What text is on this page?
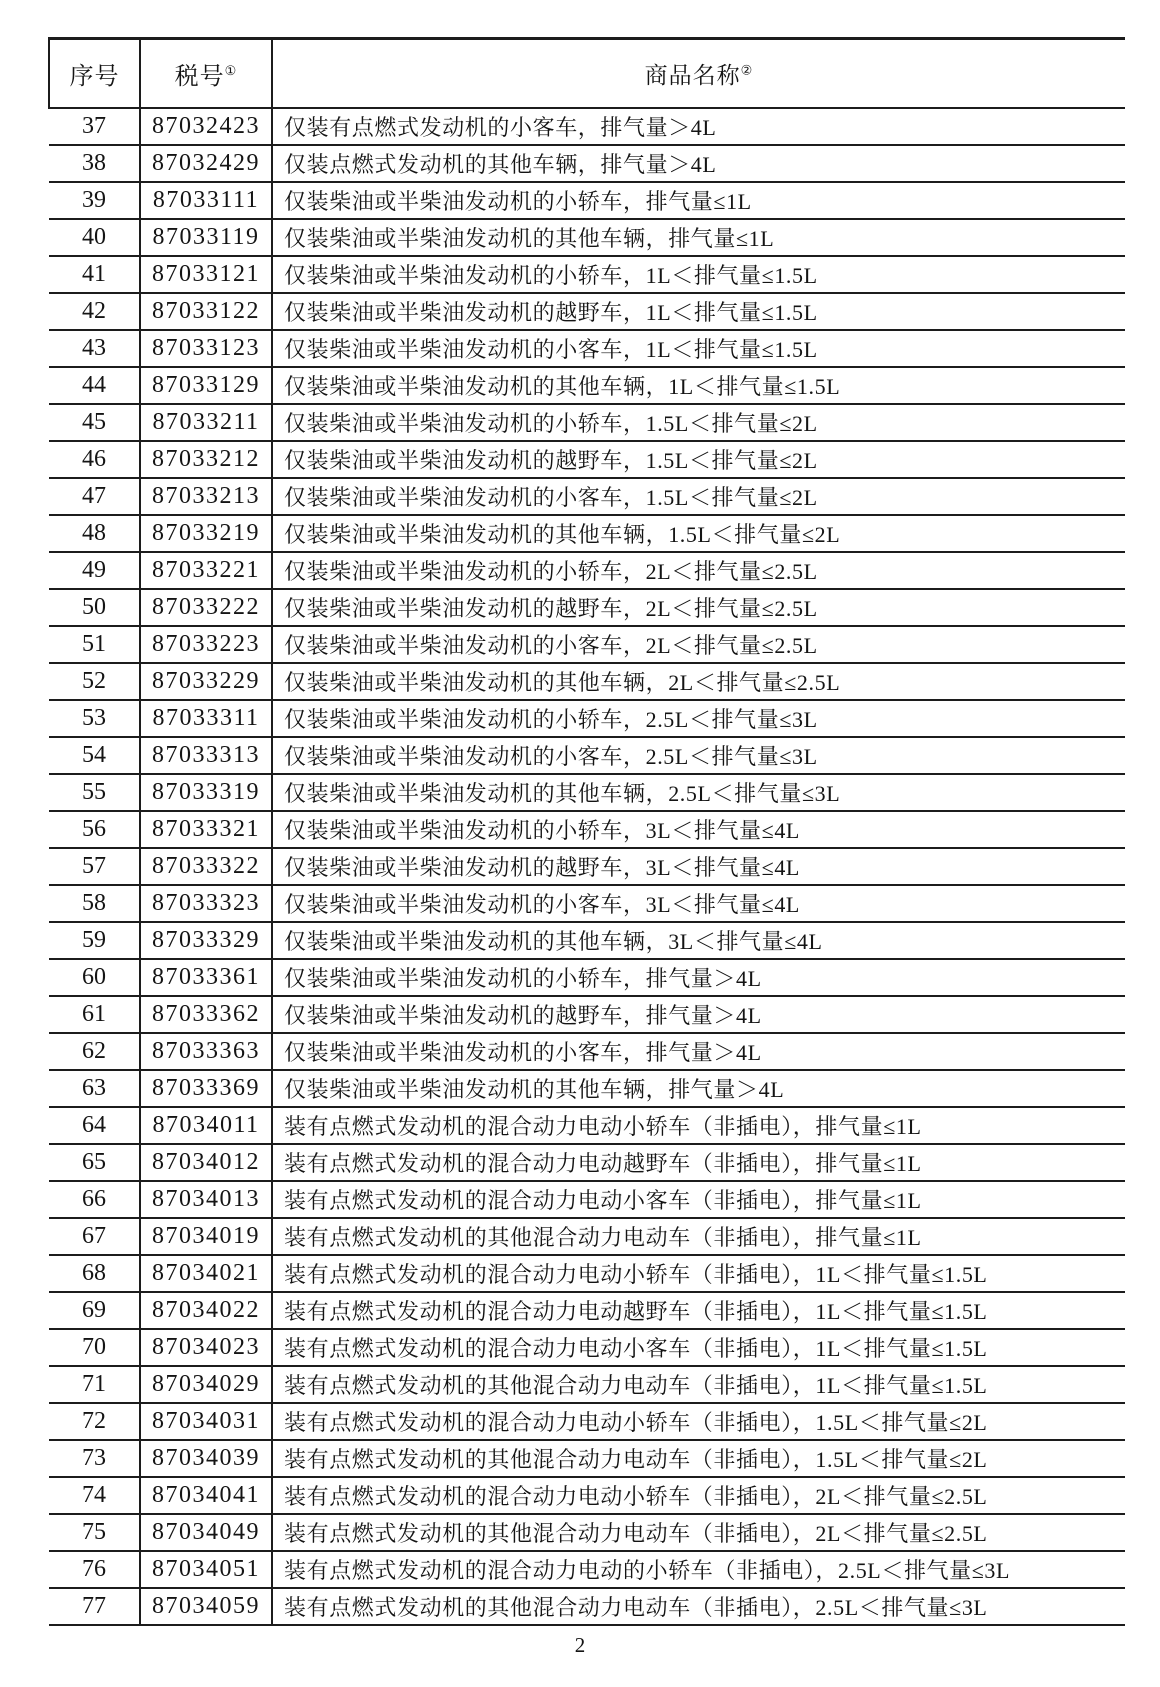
序号	税号①	商品名称②
37	87032423	仅装有点燃式发动机的小客车，排气量＞4L
38	87032429	仅装点燃式发动机的其他车辆，排气量＞4L
39	87033111	仅装柴油或半柴油发动机的小轿车，排气量≤1L
40	87033119	仅装柴油或半柴油发动机的其他车辆，排气量≤1L
41	87033121	仅装柴油或半柴油发动机的小轿车，1L＜排气量≤1.5L
42	87033122	仅装柴油或半柴油发动机的越野车，1L＜排气量≤1.5L
43	87033123	仅装柴油或半柴油发动机的小客车，1L＜排气量≤1.5L
44	87033129	仅装柴油或半柴油发动机的其他车辆，1L＜排气量≤1.5L
45	87033211	仅装柴油或半柴油发动机的小轿车，1.5L＜排气量≤2L
46	87033212	仅装柴油或半柴油发动机的越野车，1.5L＜排气量≤2L
47	87033213	仅装柴油或半柴油发动机的小客车，1.5L＜排气量≤2L
48	87033219	仅装柴油或半柴油发动机的其他车辆，1.5L＜排气量≤2L
49	87033221	仅装柴油或半柴油发动机的小轿车，2L＜排气量≤2.5L
50	87033222	仅装柴油或半柴油发动机的越野车，2L＜排气量≤2.5L
51	87033223	仅装柴油或半柴油发动机的小客车，2L＜排气量≤2.5L
52	87033229	仅装柴油或半柴油发动机的其他车辆，2L＜排气量≤2.5L
53	87033311	仅装柴油或半柴油发动机的小轿车，2.5L＜排气量≤3L
54	87033313	仅装柴油或半柴油发动机的小客车，2.5L＜排气量≤3L
55	87033319	仅装柴油或半柴油发动机的其他车辆，2.5L＜排气量≤3L
56	87033321	仅装柴油或半柴油发动机的小轿车，3L＜排气量≤4L
57	87033322	仅装柴油或半柴油发动机的越野车，3L＜排气量≤4L
58	87033323	仅装柴油或半柴油发动机的小客车，3L＜排气量≤4L
59	87033329	仅装柴油或半柴油发动机的其他车辆，3L＜排气量≤4L
60	87033361	仅装柴油或半柴油发动机的小轿车，排气量＞4L
61	87033362	仅装柴油或半柴油发动机的越野车，排气量＞4L
62	87033363	仅装柴油或半柴油发动机的小客车，排气量＞4L
63	87033369	仅装柴油或半柴油发动机的其他车辆，排气量＞4L
64	87034011	装有点燃式发动机的混合动力电动小轿车（非插电），排气量≤1L
65	87034012	装有点燃式发动机的混合动力电动越野车（非插电），排气量≤1L
66	87034013	装有点燃式发动机的混合动力电动小客车（非插电），排气量≤1L
67	87034019	装有点燃式发动机的其他混合动力电动车（非插电），排气量≤1L
68	87034021	装有点燃式发动机的混合动力电动小轿车（非插电），1L＜排气量≤1.5L
69	87034022	装有点燃式发动机的混合动力电动越野车（非插电），1L＜排气量≤1.5L
70	87034023	装有点燃式发动机的混合动力电动小客车（非插电），1L＜排气量≤1.5L
71	87034029	装有点燃式发动机的其他混合动力电动车（非插电），1L＜排气量≤1.5L
72	87034031	装有点燃式发动机的混合动力电动小轿车（非插电），1.5L＜排气量≤2L
73	87034039	装有点燃式发动机的其他混合动力电动车（非插电），1.5L＜排气量≤2L
74	87034041	装有点燃式发动机的混合动力电动小轿车（非插电），2L＜排气量≤2.5L
75	87034049	装有点燃式发动机的其他混合动力电动车（非插电），2L＜排气量≤2.5L
76	87034051	装有点燃式发动机的混合动力电动的小轿车（非插电），2.5L＜排气量≤3L
77	87034059	装有点燃式发动机的其他混合动力电动车（非插电），2.5L＜排气量≤3L
2
